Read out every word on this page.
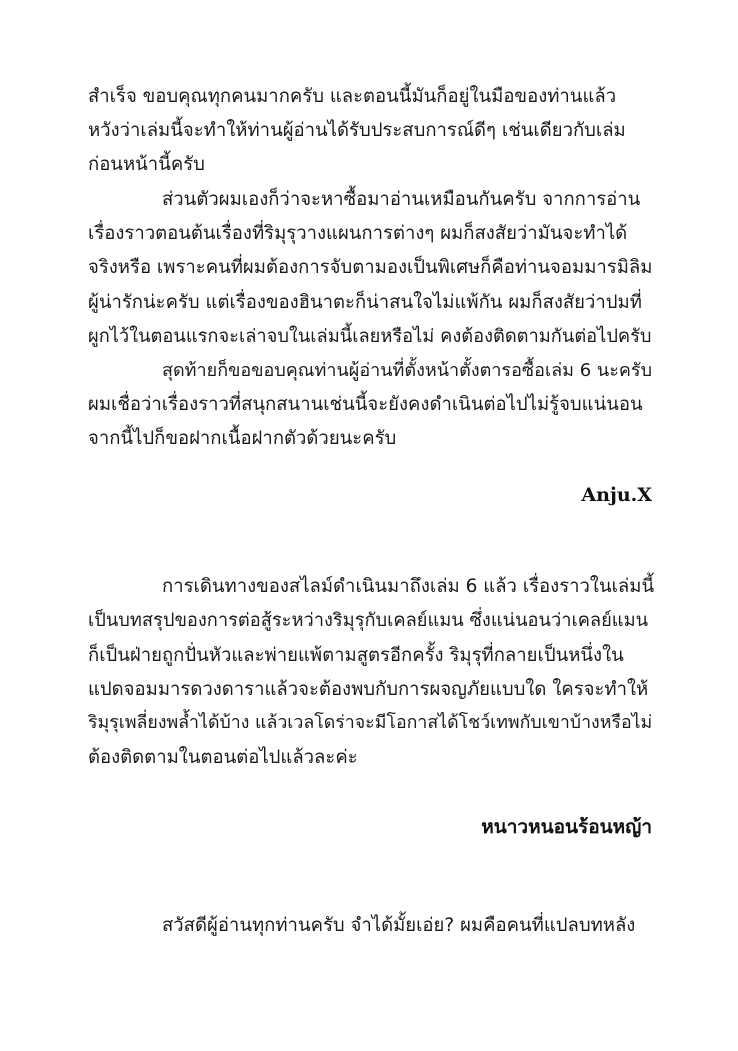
สำเร็จ ขอบคุณทุกคนมากครับ และตอนนี้มันก็อยู่ในมือของท่านแล้ว
หวังว่าเล่มนี้จะทำให้ท่านผู้อ่านได้รับประสบการณ์ดีๆ เช่นเดียวกับเล่ม
ก่อนหน้านี้ครับ
ส่วนตัวผมเองก็ว่าจะหาซื้อมาอ่านเหมือนกันครับ จากการอ่าน
เรื่องราวตอนต้นเรื่องที่ริมุรุวางแผนการต่างๆ ผมก็สงสัยว่ามันจะทำได้
จริงหรือ เพราะคนที่ผมต้องการจับตามองเป็นพิเศษก็คือท่านจอมมารมิลิม
ผู้น่ารักน่ะครับ แต่เรื่องของฮินาตะก็น่าสนใจไม่แพ้กัน ผมก็สงสัยว่าปมที่
ผูกไว้ในตอนแรกจะเล่าจบในเล่มนี้เลยหรือไม่ คงต้องติดตามกันต่อไปครับ
สุดท้ายก็ขอขอบคุณท่านผู้อ่านที่ตั้งหน้าตั้งตารอซื้อเล่ม 6 นะครับ
ผมเชื่อว่าเรื่องราวที่สนุกสนานเช่นนี้จะยังคงดำเนินต่อไปไม่รู้จบแน่นอน
จากนี้ไปก็ขอฝากเนื้อฝากตัวด้วยนะครับ
Anju.X
การเดินทางของสไลม์ดำเนินมาถึงเล่ม 6 แล้ว เรื่องราวในเล่มนี้
เป็นบทสรุปของการต่อสู้ระหว่างริมุรุกับเคลย์แมน ซึ่งแน่นอนว่าเคลย์แมน
ก็เป็นฝ่ายถูกปั่นหัวและพ่ายแพ้ตามสูตรอีกครั้ง ริมุรุที่กลายเป็นหนึ่งใน
แปดจอมมารดวงดาราแล้วจะต้องพบกับการผจญภัยแบบใด ใครจะทำให้
ริมุรุเพลี่ยงพล้ำได้บ้าง แล้วเวลโดร่าจะมีโอกาสได้โชว์เทพกับเขาบ้างหรือไม่
ต้องติดตามในตอนต่อไปแล้วละค่ะ
หนาวหนอนร้อนหญ้า
สวัสดีผู้อ่านทุกท่านครับ จำได้มั้ยเอ่ย? ผมคือคนที่แปลบทหลัง
